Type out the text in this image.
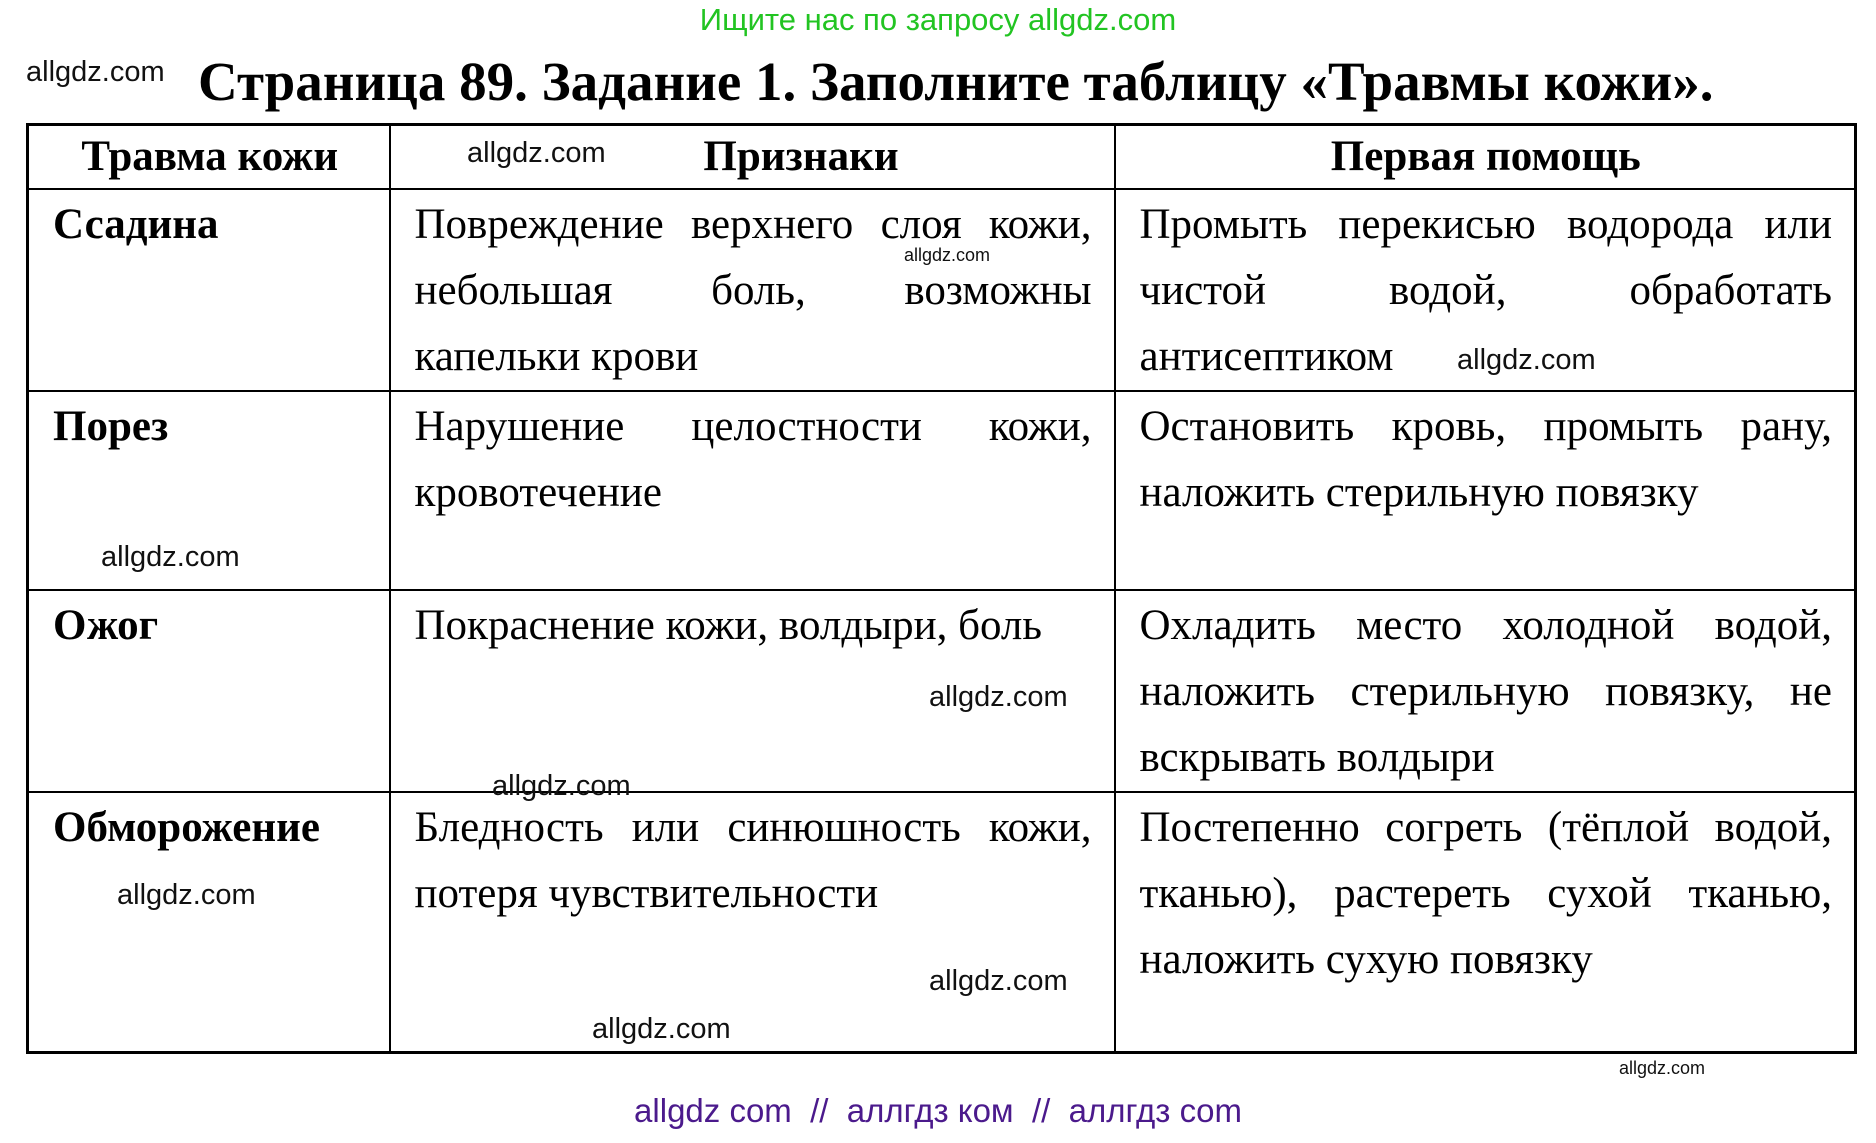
Ищите нас по запросу allgdz.com
allgdz.com Страница 89. Задание 1. Заполните таблицу «Травмы кожи».
Травма кожи	Признаки	Первая помощь
Ссадина	Повреждение верхнего слоя кожи, небольшая боль, возможны капельки крови	Промыть перекисью водорода или чистой водой, обработать антисептиком
Порез	Нарушение целостности кожи, кровотечение	Остановить кровь, промыть рану, наложить стерильную повязку
Ожог	Покраснение кожи, волдыри, боль	Охладить место холодной водой, наложить стерильную повязку, не вскрывать волдыри
Обморожение	Бледность или синюшность кожи, потеря чувствительности	Постепенно согреть (тёплой водой, тканью), растереть сухой тканью, наложить сухую повязку
allgdz.com
allgdz.com
allgdz.com
allgdz.com
allgdz.com
allgdz.com
allgdz.com
allgdz.com
allgdz.com
allgdz.com
allgdz com  //  аллгдз ком  //  аллгдз com
